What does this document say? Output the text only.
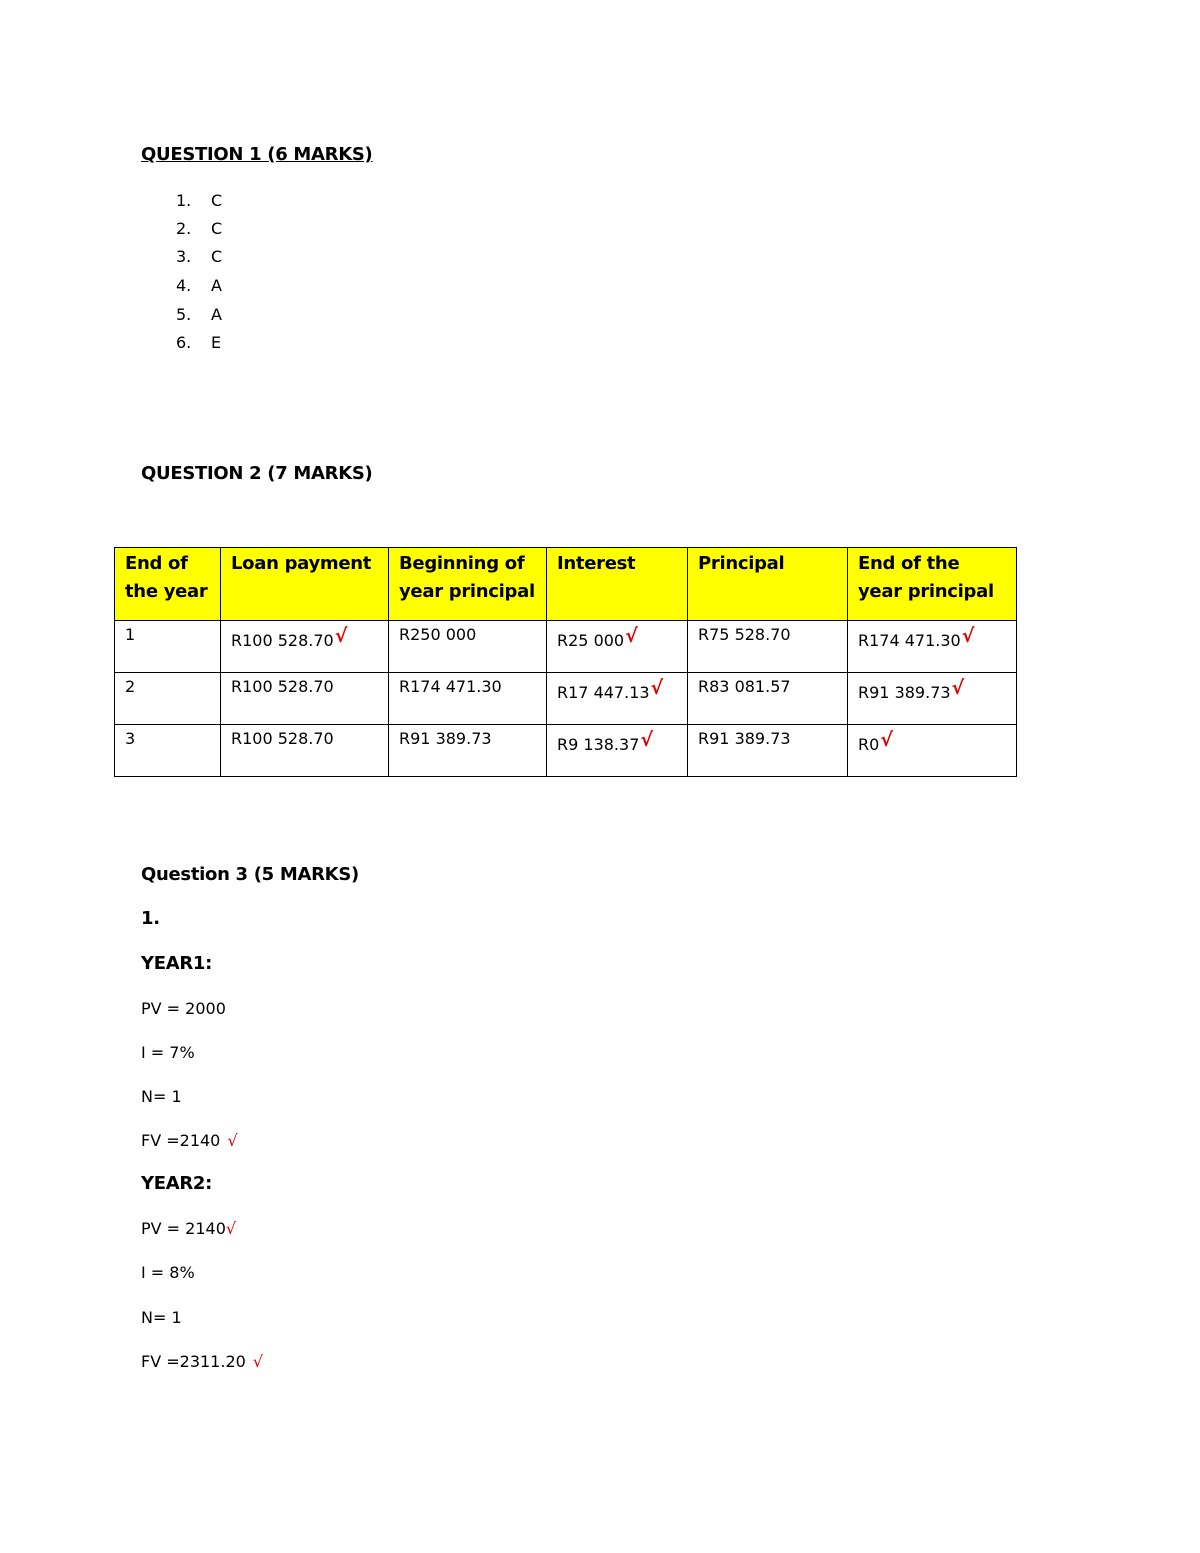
QUESTION 1 (6 MARKS)
1. C
2. C
3. C
4. A
5. A
6. E
QUESTION 2 (7 MARKS)
End of the year	Loan payment	Beginning of year principal	Interest	Principal	End of the year principal
1	R100 528.70√	R250 000	R25 000√	R75 528.70	R174 471.30√
2	R100 528.70	R174 471.30	R17 447.13√	R83 081.57	R91 389.73√
3	R100 528.70	R91 389.73	R9 138.37√	R91 389.73	R0√
Question 3 (5 MARKS)
1.
YEAR1:
PV = 2000
I = 7%
N= 1
FV =2140 √
YEAR2:
PV = 2140√
I = 8%
N= 1
FV =2311.20 √
